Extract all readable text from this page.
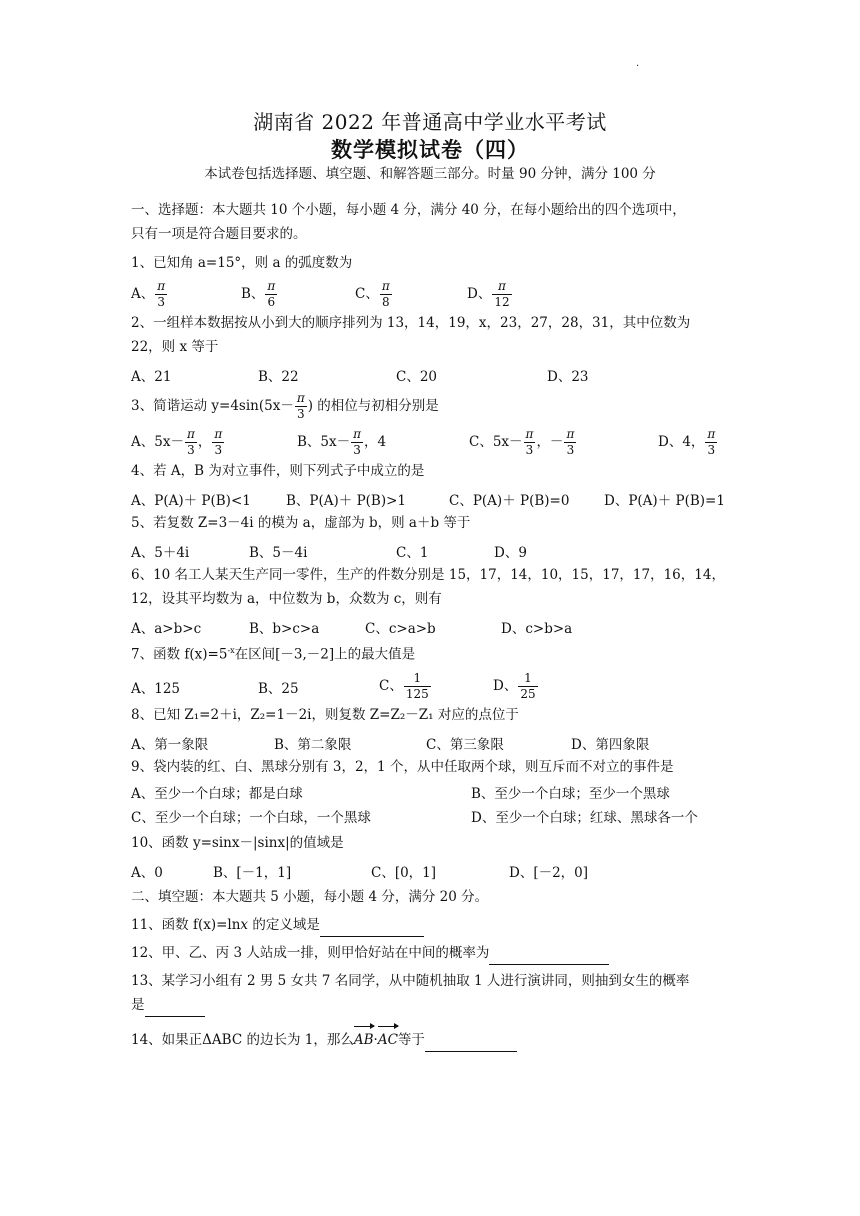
.
湖南省 2022 年普通高中学业水平考试
数学模拟试卷（四）
本试卷包括选择题、填空题、和解答题三部分。时量 90 分钟，满分 100 分

一、选择题：本大题共 10 个小题，每小题 4 分，满分 40 分，在每小题给出的四个选项中，

只有一项是符合题目要求的。

1、已知角 a=15°，则 a 的弧度数为

A、 $\frac{\pi}{3}$	B、 $\frac{\pi}{6}$	C、 $\frac{\pi}{8}$	D、 $\frac{\pi}{12}$

2、一组样本数据按从小到大的顺序排列为 13，14，19，x，23，27，28，31，其中位数为

22，则 x 等于

A、21	B、22	C、20	D、23
3、简谐运动 $y=4\sin(5x- \frac{\pi}{3}$ ) 的相位与初相分别是
A、$5x- \frac{\pi}{3}$ ， $\frac{\pi}{3}$	B、$5x- \frac{\pi}{3}$ ，4	C、$5x- \frac{\pi}{3}$ ，－ $\frac{\pi}{3}$	D、4， $\frac{\pi}{3}$

4、若 A，B 为对立事件，则下列式子中成立的是

A、P(A)＋ P(B)<1	B、P(A)＋ P(B)>1	C、P(A)＋ P(B)=0	D、P(A)＋ P(B)=1

5、若复数 Z=3－4i 的模为 a，虚部为 b，则 a＋b 等于

A、5＋4i	B、5－4i	C、1	D、9

6、10 名工人某天生产同一零件，生产的件数分别是 15，17，14，10，15，17，17，16，14，

12，设其平均数为 a，中位数为 b，众数为 c，则有

A、a>b>c	B、b>c>a	C、c>a>b	D、c>b>a

7、函数 $f(x)=5^{-x}$在区间[－3,－2]上的最大值是

A、125	B、25	C、 $\frac{1}{125}$	D、 $\frac{1}{25}$

8、已知 Z₁=2＋i，Z₂=1－2i，则复数 Z=Z₂－Z₁ 对应的点位于

A、第一象限	B、第二象限	C、第三象限	D、第四象限

9、袋内装的红、白、黑球分别有 3，2，1 个，从中任取两个球，则互斥而不对立的事件是

A、至少一个白球；都是白球	B、至少一个白球；至少一个黑球
C、至少一个白球；一个白球，一个黑球	D、至少一个白球；红球、黑球各一个

10、函数 y=sinx－|sinx|的值域是

A、0	B、[－1，1]	C、[0，1]	D、[－2，0]

二、填空题：本大题共 5 小题，每小题 4 分，满分 20 分。

11、函数 f(x)=ln𝑥 的定义域是

12、甲、乙、丙 3 人站成一排，则甲恰好站在中间的概率为

13、某学习小组有 2 男 5 女共 7 名同学，从中随机抽取 1 人进行演讲同，则抽到女生的概率

是

14、如果正ΔABC 的边长为 1，那么AB·AC等于
